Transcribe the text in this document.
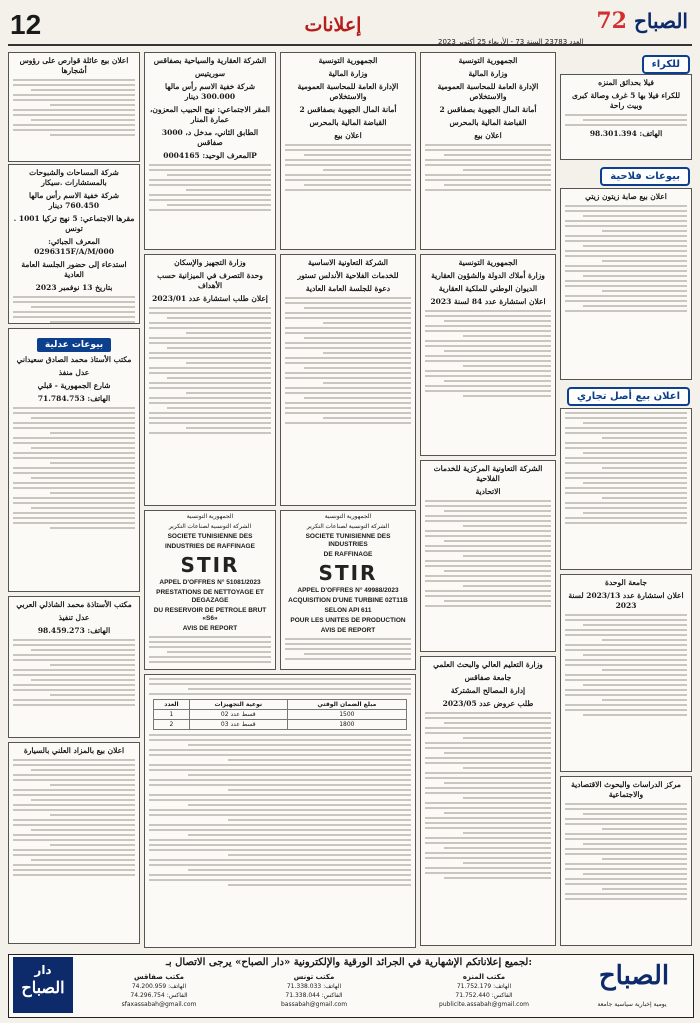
12	إعلانات
العدد 23783 السنة 73 - الأربعاء 25 أكتوبر 2023
72 الصباح
اعلان بيع عائلة قوارص على رؤوس أشجارها
شركة المساحات والشبوحات بالمستشارات .سيكار
شركة خفية الاسم رأس مالها 760.450 دينار
مقرها الاجتماعي: 5 نهج تركيا 1001 . تونس
المعرف الجبائي: 0296315F/A/M/000
استدعاء إلى حضور الجلسة العامة العادية
بتاريخ 13 نوفمبر 2023
بيوعات عدلية
مكتب الأستاذ محمد الصادق سعيداني
عدل منفذ
شارع الجمهورية - قبلي
الهاتف: 71.784.753
مكتب الأستاذة محمد الشاذلي العربي
عدل تنفيذ
الهاتف: 98.459.273
اعلان بيع بالمزاد العلني بالسيارة
الشركة العقارية والسياحية بصفاقس
سوريتيس
شركة خفية الاسم رأس مالها 300.000 دينار
المقر الاجتماعي: نهج الحبيب المعزون، عمارة المنار
الطابق الثاني، مدخل د، 3000 صفاقس
المعرف الوحيد: 0004165P
وزارة التجهيز والإسكان
وحدة التصرف في الميزانية حسب الأهداف
إعلان طلب استشارة عدد 2023/01
الجمهورية التونسية
وزارة المالية
الإدارة العامة للمحاسبة العمومية والاستخلاص
أمانة المال الجهوية بصفاقس 2
القباضة المالية بالمحرس
اعلان بيع
الشركة التعاونية الاساسية
للخدمات الفلاحية الأندلس تستور
دعوة للجلسة العامة العادية
الجمهورية التونسية
الشركة التونسية لصناعات التكرير
SOCIETE TUNISIENNE DES
INDUSTRIES DE RAFFINAGE
STIR
APPEL D'OFFRES N° 51081/2023
PRESTATIONS DE NETTOYAGE ET DEGAZAGE
DU RESERVOIR DE PETROLE BRUT «S6»
AVIS DE REPORT
الجمهورية التونسية
الشركة التونسية لصناعات التكرير
SOCIETE TUNISIENNE DES INDUSTRIES
DE RAFFINAGE
STIR
APPEL D'OFFRES N° 49988/2023
ACQUISITION D'UNE TURBINE 02T11B
SELON API 611
POUR LES UNITES DE PRODUCTION
AVIS DE REPORT
العدد	نوعية التجهيزات	مبلغ الضمان الوقتي
1	قسط عدد 02	1500
2	قسط عدد 03	1800
الجمهورية التونسية
وزارة المالية
الإدارة العامة للمحاسبة العمومية والاستخلاص
أمانة المال الجهوية بصفاقس 2
القباضة المالية بالمحرس
اعلان بيع
الجمهورية التونسية
وزارة أملاك الدولة والشؤون العقارية
الديوان الوطني للملكية العقارية
اعلان استشارة عدد 84 لسنة 2023
الشركة التعاونية المركزية للخدمات الفلاحية
الاتحادية
وزارة التعليم العالي والبحث العلمي
جامعة صفاقس
إدارة المصالح المشتركة
طلب عروض عدد 2023/05
للكراء
فيلا بحدائق المنزه
للكراء فيلا بها 5 غرف وصالة كبرى وبيت راحة
الهاتف: 98.301.394
بيوعات فلاحية
اعلان بيع صابة زيتون زيتي
اعلان بيع أصل تجاري
جامعة الوحدة
اعلان استشارة عدد 2023/13 لسنة 2023
مركز الدراسات والبحوث الاقتصادية والاجتماعية
دار
الصباح
لجميع إعلاناتكم الإشهارية في الجرائد الورقية والإلكترونية «دار الصباح» يرجى الاتصال بـ:
مكتب صفاقس
الهاتف: 74.200.959
الفاكس: 74.296.754
sfaxassabah@gmail.com
مكتب تونس
الهاتف: 71.338.033
الفاكس: 71.338.044
bassabah@gmail.com
مكتب المنزه
الهاتف: 71.752.179
الفاكس: 71.752.440
publicite.assabah@gmail.com
الصباح
يومية إخبارية سياسية جامعة
